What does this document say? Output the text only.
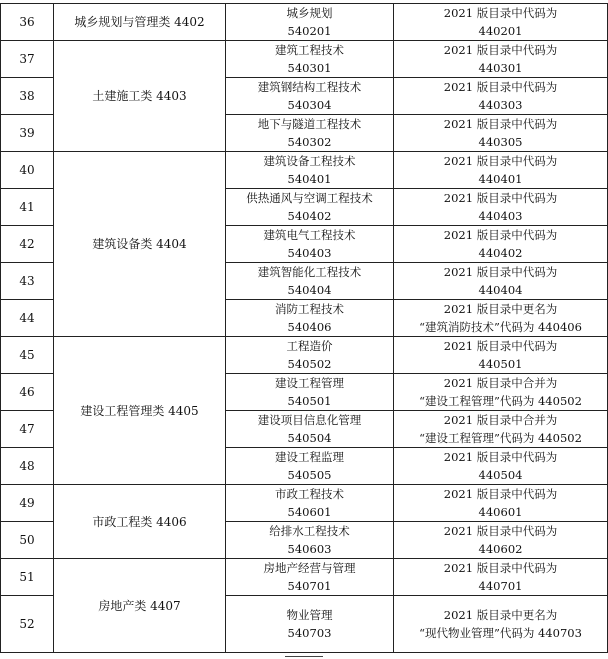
36	城乡规划与管理类 4402	城乡规划
540201	2021 版目录中代码为
440201

37	土建施工类 4403	建筑工程技术
540301	2021 版目录中代码为
440301

38		建筑钢结构工程技术
540304	2021 版目录中代码为
440303

39		地下与隧道工程技术
540302	2021 版目录中代码为
440305

40	建筑设备类 4404	建筑设备工程技术
540401	2021 版目录中代码为
440401

41		供热通风与空调工程技术
540402	2021 版目录中代码为
440403

42		建筑电气工程技术
540403	2021 版目录中代码为
440402

43		建筑智能化工程技术
540404	2021 版目录中代码为
440404

44		消防工程技术
540406	2021 版目录中更名为
“建筑消防技术”代码为 440406

45	建设工程管理类 4405	工程造价
540502	2021 版目录中代码为
440501

46		建设工程管理
540501	2021 版目录中合并为
“建设工程管理”代码为 440502

47		建设项目信息化管理
540504	2021 版目录中合并为
“建设工程管理”代码为 440502

48		建设工程监理
540505	2021 版目录中代码为
440504

49	市政工程类 4406	市政工程技术
540601	2021 版目录中代码为
440601

50		给排水工程技术
540603	2021 版目录中代码为
440602

51	房地产类 4407	房地产经营与管理
540701	2021 版目录中代码为
440701

52		物业管理
540703	2021 版目录中更名为
“现代物业管理”代码为 440703
